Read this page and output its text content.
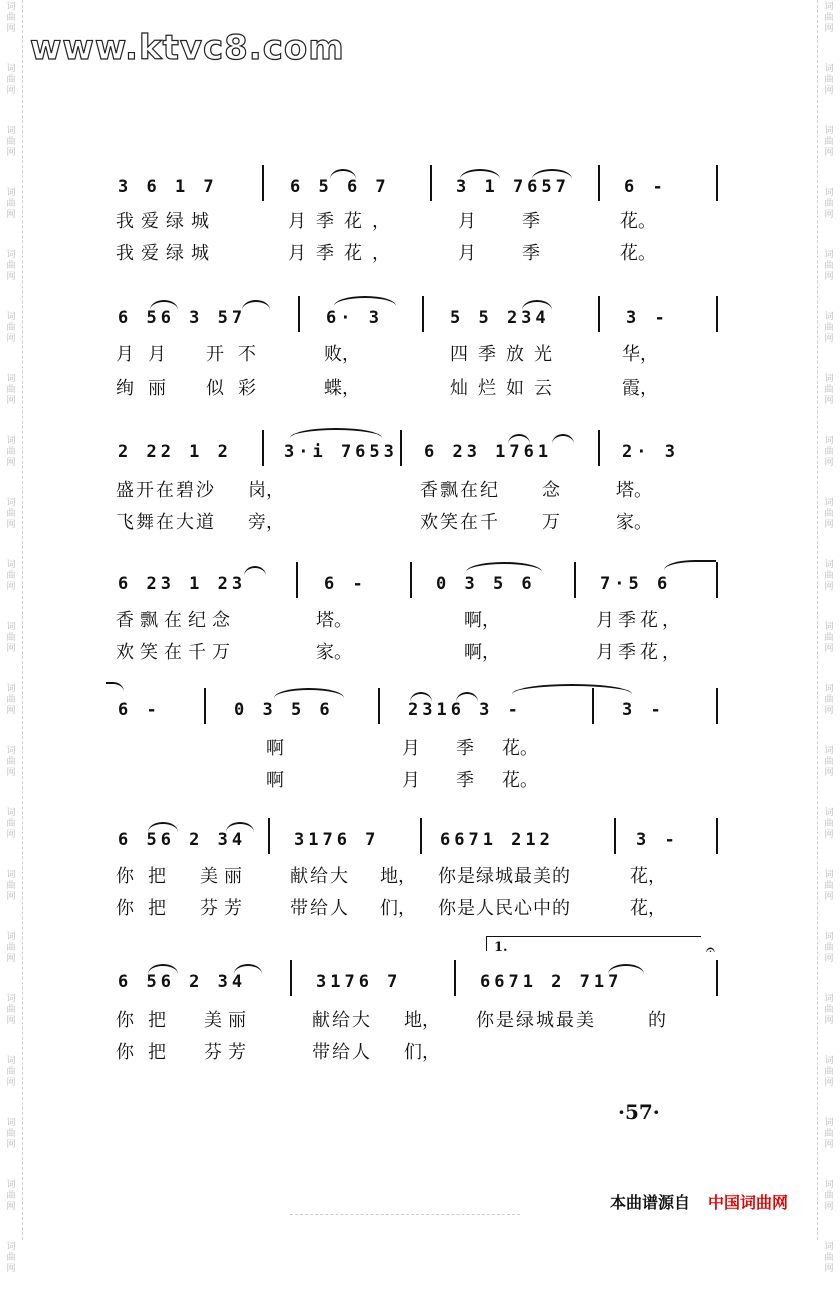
词
曲
网
词
曲
网
词
曲
网
词
曲
网
词
曲
网
词
曲
网
词
曲
网
词
曲
网
词
曲
网
词
曲
网
词
曲
网
词
曲
网
词
曲
网
词
曲
网
词
曲
网
词
曲
网
词
曲
网
词
曲
网
词
曲
网
词
曲
网
词
曲
网
词
曲
网
词
曲
网
词
曲
网
词
曲
网
词
曲
网
词
曲
网
词
曲
网
词
曲
网
词
曲
网
词
曲
网
词
曲
网
词
曲
网
词
曲
网
词
曲
网
词
曲
网
词
曲
网
词
曲
网
词
曲
网
词
曲
网
词
曲
网
词
曲
网
www.ktvc8.com
3 6 1 7	6 5 6 7	3 1 7657	6 -
我爱绿城	月季花，	月	季	花。
我爱绿城	月季花，	月	季	花。
6 56 3 57	6· 3	5 5 234	3 -
月月 开不	败，	四季放光	华，
绚丽 似彩	蝶，	灿烂如云	霞，
2 22 1 2	3·i 7653 6 23 1761	2· 3
盛开在碧沙 岗，	香飘在纪 念	塔。
飞舞在大道 旁，	欢笑在千 万	家。
6 23 1 23	6 -	0 3 5 6	7·5 6
香飘在纪念	塔。	啊，	月季花，
欢笑在千万	家。	啊，	月季花，
6 -	0 3 5 6	2316 3 -	3 -
啊	月 季 花。
啊	月 季 花。
6 56 2 34	3176 7	6671 212	3 -
你把 美丽 献给大 地， 你是绿城最美的	花，
你把 芬芳 带给人 们， 你是人民心中的	花，
1.	𝄐
6 56 2 34	3176 7	6671 2 717
你把 美丽	献给大 地， 你是绿城最美	的
你把 芬芳	带给人 们，
·57·
本曲谱源自 中国词曲网
